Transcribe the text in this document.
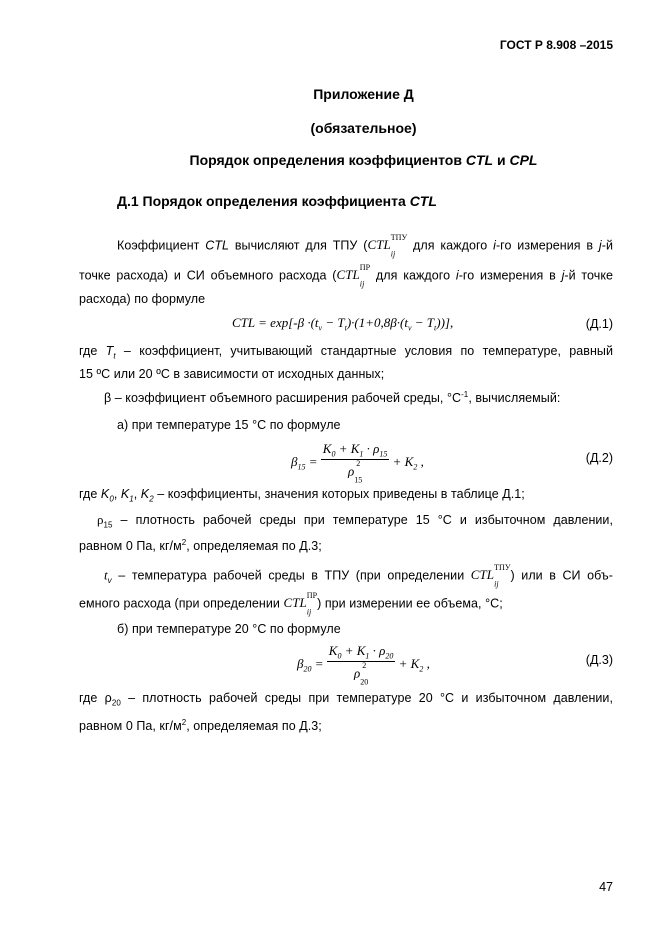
ГОСТ Р 8.908 –2015
Приложение Д
(обязательное)
Порядок определения коэффициентов CTL и CPL
Д.1 Порядок определения коэффициента CTL
Коэффициент CTL вычисляют для ТПУ ($CTL^{ТПУ}$
$_{ij}$ для каждого i-го измерения в j-й
точке расхода) и СИ объемного расхода ($CTL^{ПР}$
$_{ij}$ для каждого i-го измерения в j-й точке
расхода) по формуле
CTL = $\exp[-\beta \cdot(t_v - T_t)\cdot(1+0,8\beta\cdot(t_v - T_t))]$,	(Д.1)
где $T_t$ – коэффициент, учитывающий стандартные условия по температуре, равный
15 ºС или 20 ºС в зависимости от исходных данных;
β – коэффициент объемного расширения рабочей среды, $^\circ С^{-1}$, вычисляемый:
а) при температуре 15 °С по формуле
$\beta_{15}$ =
$K_0 + K_1 \cdot \rho_{15}$
ρ $^2$
$_{15}$
+ $K_2$ ,	(Д.2)
где $K_0$, $K_1$, $K_2$ – коэффициенты, значения которых приведены в таблице Д.1;
$\rho_{15}$ – плотность рабочей среды при температуре 15 °С и избыточном давлении,
равном 0 Па, $кг/м^2$, определяемая по Д.3;
$t_v$ – температура рабочей среды в ТПУ (при определении $CTL^{ТПУ}$
$_{ij}$) или в СИ объ-
емного расхода (при определении $CTL^{ПР}$
$_{ij}$) при измерении ее объема, °С;
б) при температуре 20 °С по формуле
$\beta_{20}$ =
$K_0 + K_1 \cdot \rho_{20}$
ρ $^2$
$_{20}$
+ $K_2$ ,	(Д.3)
где $\rho_{20}$ – плотность рабочей среды при температуре 20 °С и избыточном давлении,
равном 0 Па, $кг/м^2$, определяемая по Д.3;
47
